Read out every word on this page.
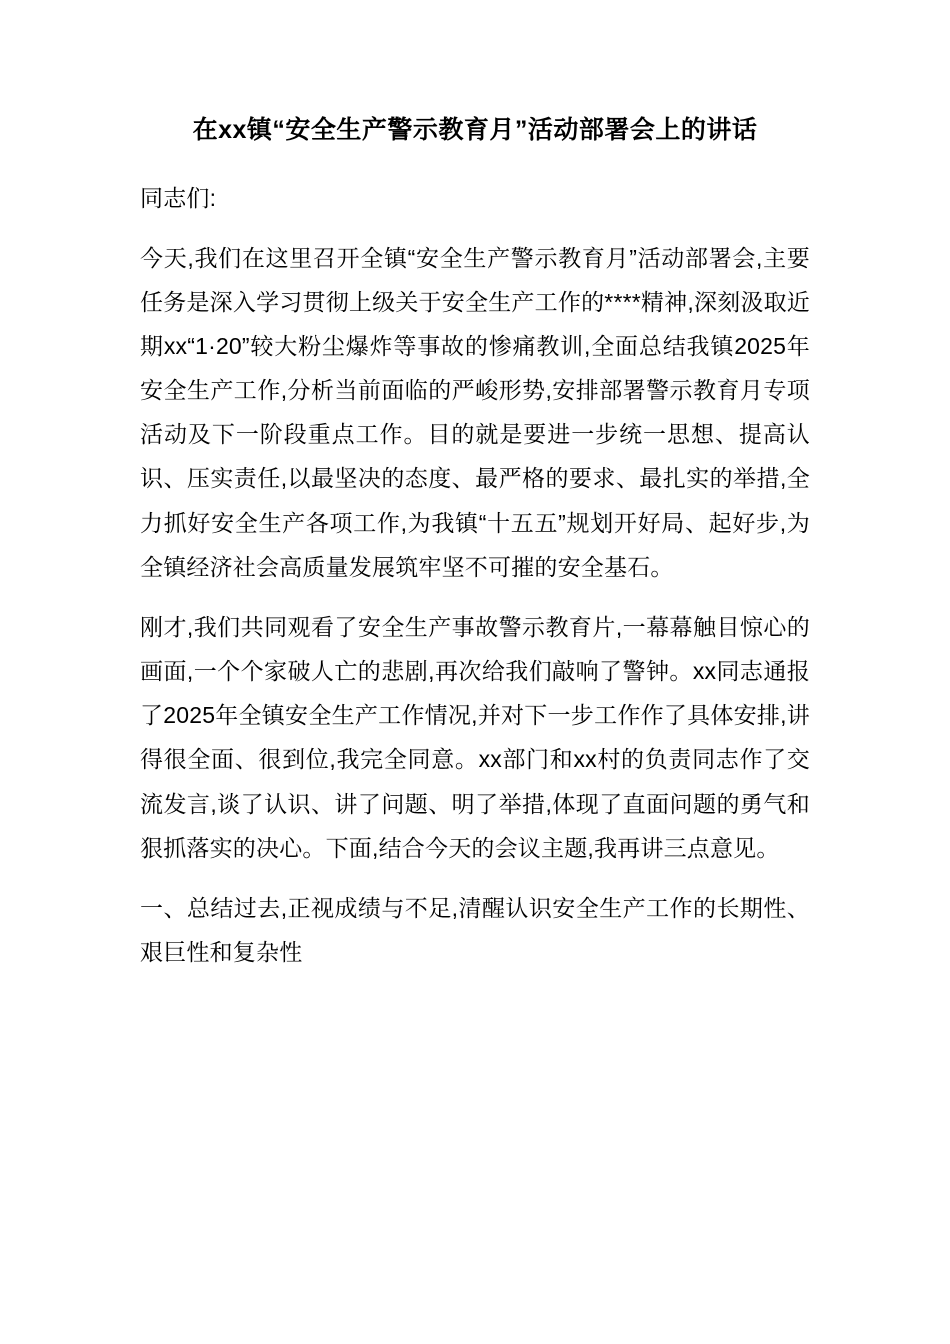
在xx镇“安全生产警示教育月”活动部署会上的讲话

同志们:

今天,我们在这里召开全镇“安全生产警示教育月”活动部署会,主要任务是深入学习贯彻上级关于安全生产工作的****精神,深刻汲取近期xx“1·20”较大粉尘爆炸等事故的惨痛教训,全面总结我镇2025年安全生产工作,分析当前面临的严峻形势,安排部署警示教育月专项活动及下一阶段重点工作。目的就是要进一步统一思想、提高认识、压实责任,以最坚决的态度、最严格的要求、最扎实的举措,全力抓好安全生产各项工作,为我镇“十五五”规划开好局、起好步,为全镇经济社会高质量发展筑牢坚不可摧的安全基石。

刚才,我们共同观看了安全生产事故警示教育片,一幕幕触目惊心的画面,一个个家破人亡的悲剧,再次给我们敲响了警钟。xx同志通报了2025年全镇安全生产工作情况,并对下一步工作作了具体安排,讲得很全面、很到位,我完全同意。xx部门和xx村的负责同志作了交流发言,谈了认识、讲了问题、明了举措,体现了直面问题的勇气和狠抓落实的决心。下面,结合今天的会议主题,我再讲三点意见。

一、总结过去,正视成绩与不足,清醒认识安全生产工作的长期性、艰巨性和复杂性
